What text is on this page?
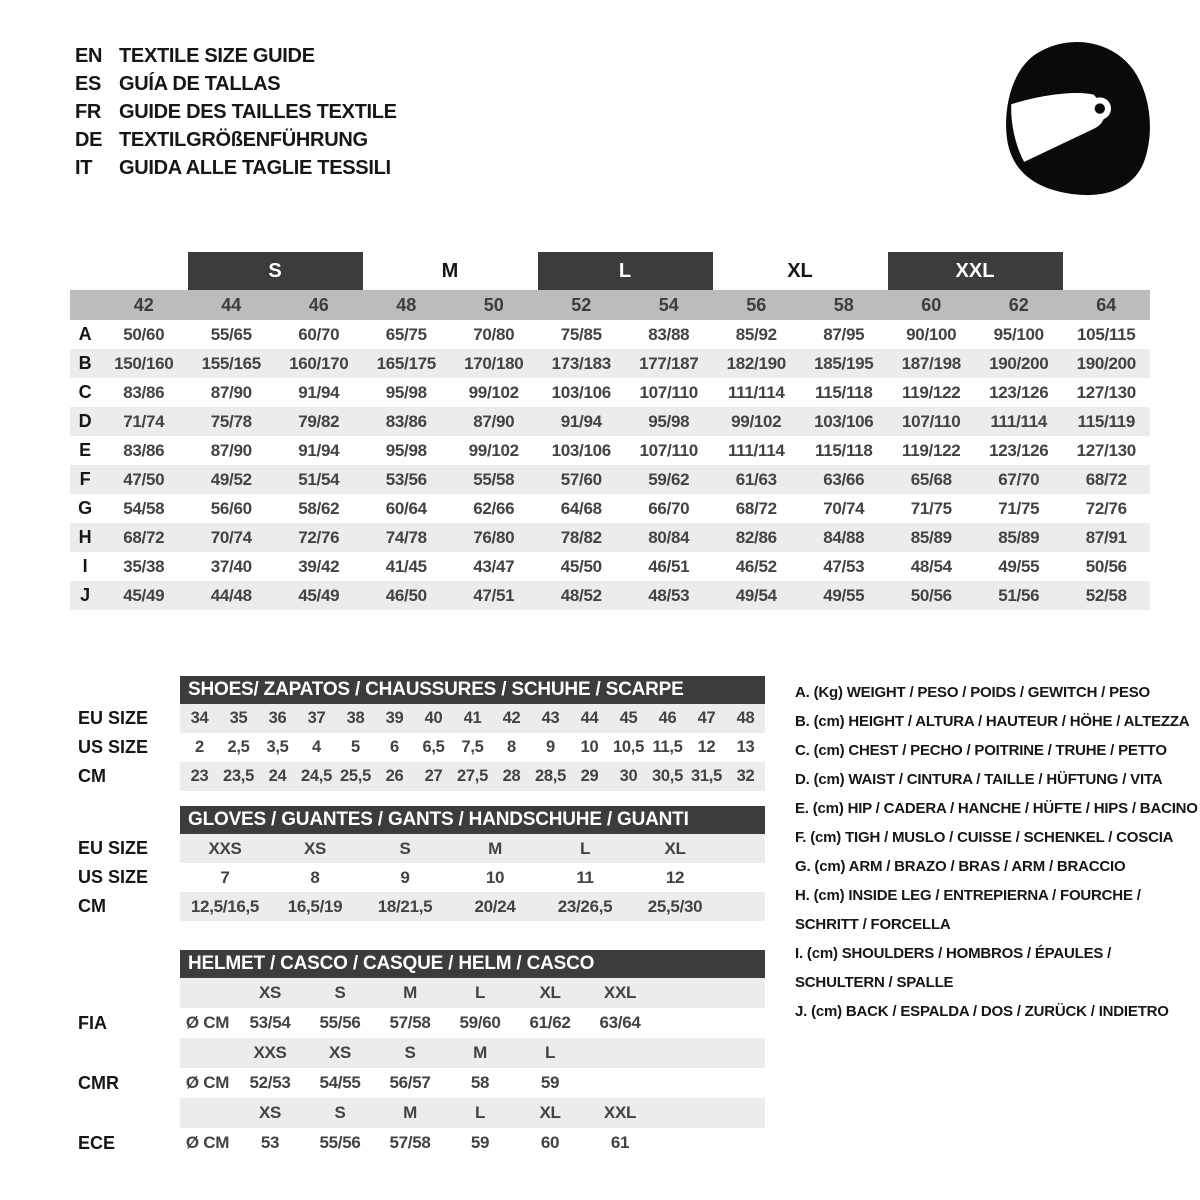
EN TEXTILE SIZE GUIDE
ES GUÍA DE TALLAS
FR GUIDE DES TAILLES TEXTILE
DE TEXTILGRÖßENFÜHRUNG
IT	GUIDA ALLE TAGLIE TESSILI
S	M	L	XL	XXL
42	44	46	48	50	52	54	56	58	60	62	64
A	50/60	55/65	60/70	65/75	70/80	75/85	83/88	85/92	87/95	90/100	95/100	105/115
B	150/160	155/165	160/170	165/175	170/180	173/183	177/187	182/190	185/195	187/198	190/200	190/200
C	83/86	87/90	91/94	95/98	99/102	103/106	107/110	111/114	115/118	119/122	123/126	127/130
D	71/74	75/78	79/82	83/86	87/90	91/94	95/98	99/102	103/106	107/110	111/114	115/119
E	83/86	87/90	91/94	95/98	99/102	103/106	107/110	111/114	115/118	119/122	123/126	127/130
F	47/50	49/52	51/54	53/56	55/58	57/60	59/62	61/63	63/66	65/68	67/70	68/72
G	54/58	56/60	58/62	60/64	62/66	64/68	66/70	68/72	70/74	71/75	71/75	72/76
H	68/72	70/74	72/76	74/78	76/80	78/82	80/84	82/86	84/88	85/89	85/89	87/91
I	35/38	37/40	39/42	41/45	43/47	45/50	46/51	46/52	47/53	48/54	49/55	50/56
J	45/49	44/48	45/49	46/50	47/51	48/52	48/53	49/54	49/55	50/56	51/56	52/58
EU SIZE
US SIZE
CM
SHOES/ ZAPATOS / CHAUSSURES / SCHUHE / SCARPE
34	35	36	37	38	39	40	41	42	43	44	45	46	47	48
2	2,5	3,5	4	5	6	6,5	7,5	8	9	10 10,5 11,5 12	13
23 23,5 24 24,5 25,5 26	27 27,5 28 28,5 29	30 30,5 31,5 32
EU SIZE
US SIZE
CM
GLOVES / GUANTES / GANTS / HANDSCHUHE / GUANTI
XXS	XS	S	M	L	XL
7	8	9	10	11	12
12,5/16,5	16,5/19	18/21,5	20/24	23/26,5	25,5/30
FIA
CMR
ECE
HELMET / CASCO / CASQUE / HELM / CASCO
XS	S	M	L	XL	XXL
Ø CM	53/54	55/56	57/58	59/60	61/62	63/64
XXS	XS	S	M	L
Ø CM	52/53	54/55	56/57	58	59
XS	S	M	L	XL	XXL
Ø CM	53	55/56	57/58	59	60	61
A. (Kg) WEIGHT / PESO / POIDS / GEWITCH / PESO
B. (cm) HEIGHT / ALTURA / HAUTEUR / HÖHE / ALTEZZA
C. (cm) CHEST / PECHO / POITRINE / TRUHE / PETTO
D. (cm) WAIST / CINTURA / TAILLE / HÜFTUNG / VITA
E. (cm) HIP / CADERA / HANCHE / HÜFTE / HIPS / BACINO
F. (cm) TIGH / MUSLO / CUISSE / SCHENKEL / COSCIA
G. (cm) ARM / BRAZO / BRAS / ARM / BRACCIO
H. (cm) INSIDE LEG / ENTREPIERNA / FOURCHE /
SCHRITT / FORCELLA
I. (cm) SHOULDERS / HOMBROS / ÉPAULES /
SCHULTERN / SPALLE
J. (cm) BACK / ESPALDA / DOS / ZURÜCK / INDIETRO
